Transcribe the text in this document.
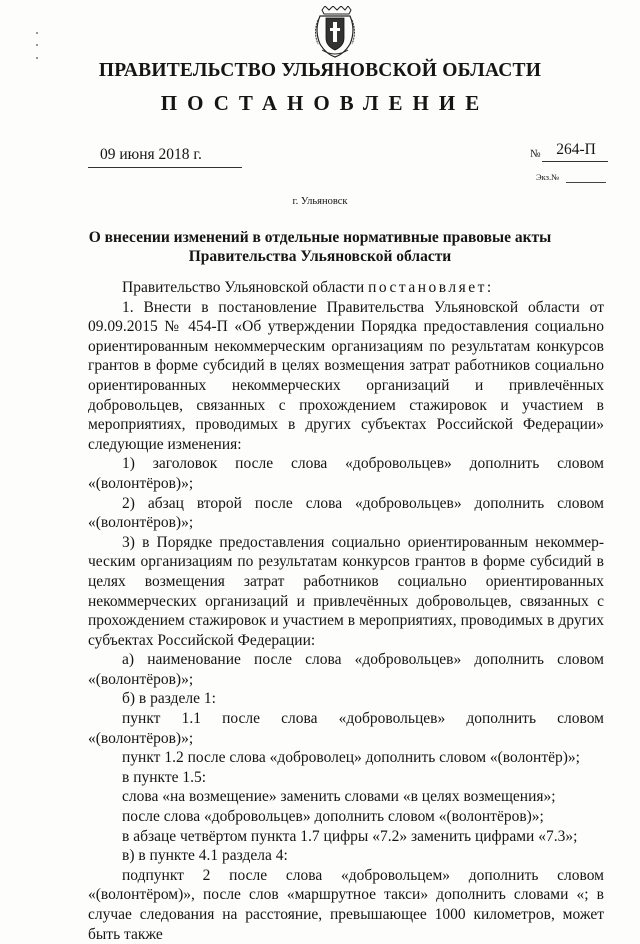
ПРАВИТЕЛЬСТВО УЛЬЯНОВСКОЙ ОБЛАСТИ
ПОСТАНОВЛЕНИЕ
09 июня 2018 г.	№	264-П
Экз.№
г. Ульяновск
О внесении изменений в отдельные нормативные правовые акты
Правительства Ульяновской области

Правительство Ульяновской области постановляет:

1. Внести в постановление Правительства Ульяновской области от 09.09.2015 № 454-П «Об утверждении Порядка предоставления социально ориентированным некоммерческим организациям по результатам конкурсов грантов в форме субсидий в целях возмещения затрат работников социально ориентированных некоммерческих организаций и привлечённых добровольцев, связанных с прохождением стажировок и участием в мероприятиях, проводимых в других субъектах Российской Федерации» следующие изменения:

1) заголовок после слова «добровольцев» дополнить словом «(волонтёров)»;

2) абзац второй после слова «добровольцев» дополнить словом «(волонтёров)»;

3) в Порядке предоставления социально ориентированным некоммер-ческим организациям по результатам конкурсов грантов в форме субсидий в целях возмещения затрат работников социально ориентированных некоммерческих организаций и привлечённых добровольцев, связанных с прохождением стажировок и участием в мероприятиях, проводимых в других субъектах Российской Федерации:

а) наименование после слова «добровольцев» дополнить словом «(волонтёров)»;

б) в разделе 1:

пункт 1.1 после слова «добровольцев» дополнить словом «(волонтёров)»;

пункт 1.2 после слова «доброволец» дополнить словом «(волонтёр)»;

в пункте 1.5:

слова «на возмещение» заменить словами «в целях возмещения»;

после слова «добровольцев» дополнить словом «(волонтёров)»;

в абзаце четвёртом пункта 1.7 цифры «7.2» заменить цифрами «7.3»;

в) в пункте 4.1 раздела 4:

подпункт 2 после слова «добровольцем» дополнить словом «(волонтёром)», после слов «маршрутное такси» дополнить словами «; в случае следования на расстояние, превышающее 1000 километров, может быть также
